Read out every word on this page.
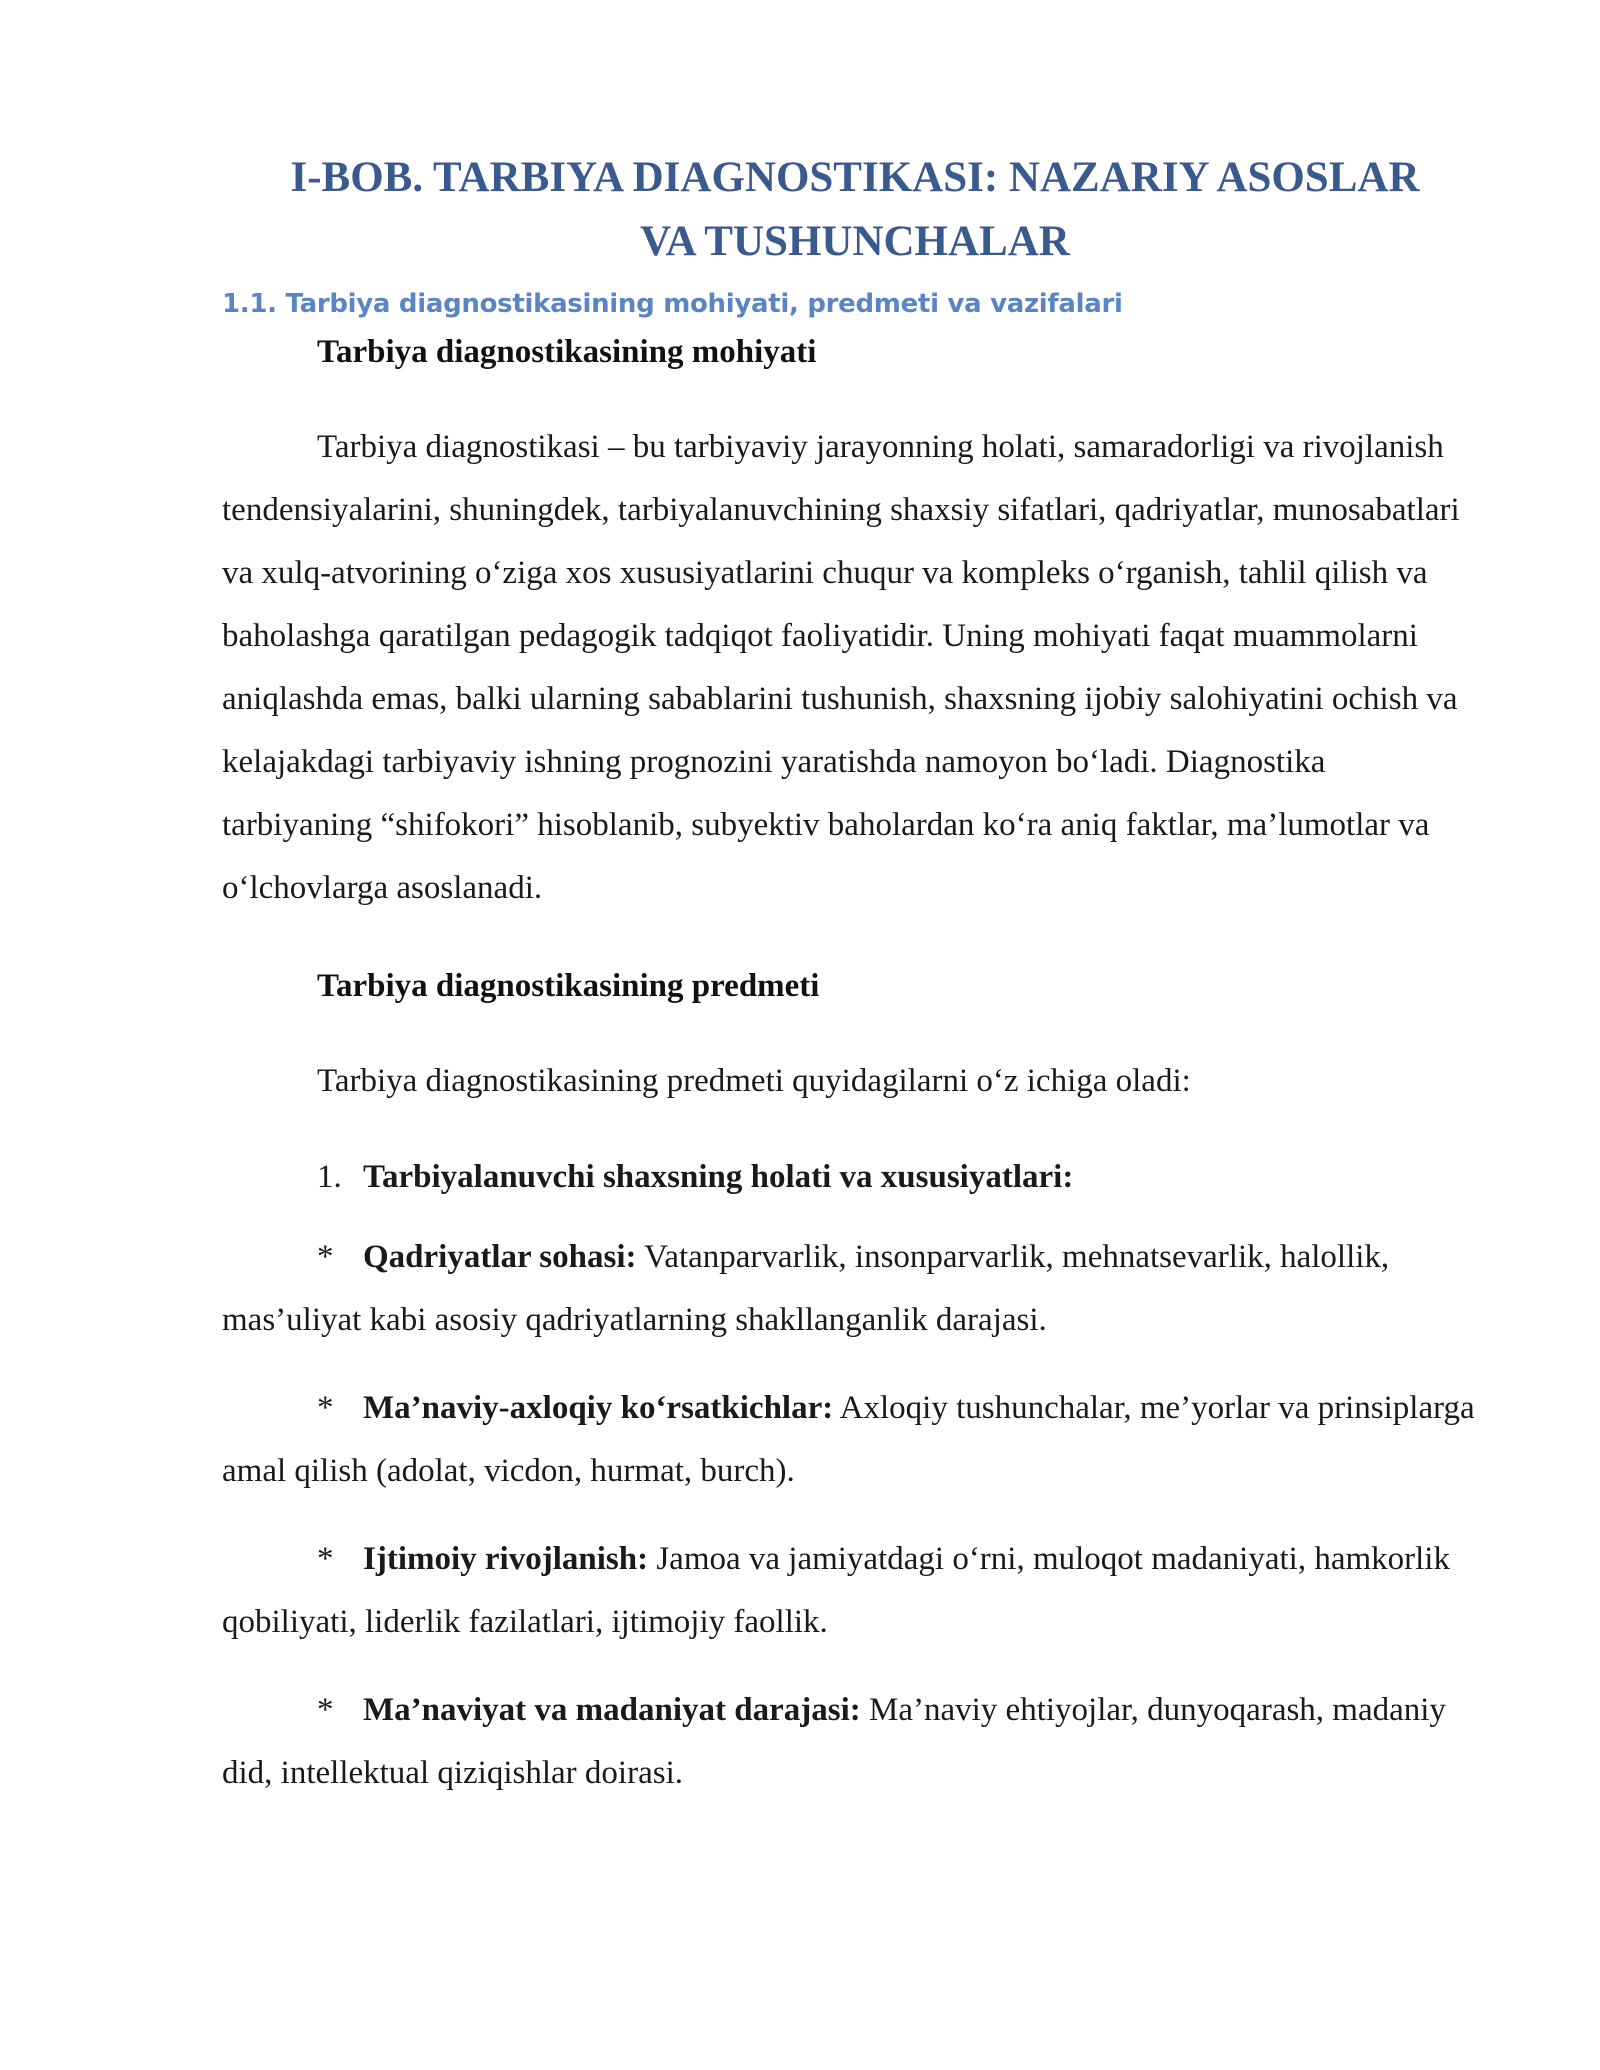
I-BOB. TARBIYA DIAGNOSTIKASI: NAZARIY ASOSLAR
VA TUSHUNCHALAR
1.1. Tarbiya diagnostikasining mohiyati, predmeti va vazifalari
Tarbiya diagnostikasining mohiyati

Tarbiya diagnostikasi – bu tarbiyaviy jarayonning holati, samaradorligi va rivojlanish tendensiyalarini, shuningdek, tarbiyalanuvchining shaxsiy sifatlari, qadriyatlar, munosabatlari va xulq-atvorining o‘ziga xos xususiyatlarini chuqur va kompleks o‘rganish, tahlil qilish va baholashga qaratilgan pedagogik tadqiqot faoliyatidir. Uning mohiyati faqat muammolarni aniqlashda emas, balki ularning sabablarini tushunish, shaxsning ijobiy salohiyatini ochish va kelajakdagi tarbiyaviy ishning prognozini yaratishda namoyon bo‘ladi. Diagnostika tarbiyaning “shifokori” hisoblanib, subyektiv baholardan ko‘ra aniq faktlar, ma’lumotlar va o‘lchovlarga asoslanadi.

Tarbiya diagnostikasining predmeti

Tarbiya diagnostikasining predmeti quyidagilarni o‘z ichiga oladi:

1. Tarbiyalanuvchi shaxsning holati va xususiyatlari:

* Qadriyatlar sohasi: Vatanparvarlik, insonparvarlik, mehnatsevarlik, halollik, mas’uliyat kabi asosiy qadriyatlarning shakllanganlik darajasi.

* Ma’naviy-axloqiy ko‘rsatkichlar: Axloqiy tushunchalar, me’yorlar va prinsiplarga amal qilish (adolat, vicdon, hurmat, burch).

* Ijtimoiy rivojlanish: Jamoa va jamiyatdagi o‘rni, muloqot madaniyati, hamkorlik qobiliyati, liderlik fazilatlari, ijtimojiy faollik.

* Ma’naviyat va madaniyat darajasi: Ma’naviy ehtiyojlar, dunyoqarash, madaniy did, intellektual qiziqishlar doirasi.
